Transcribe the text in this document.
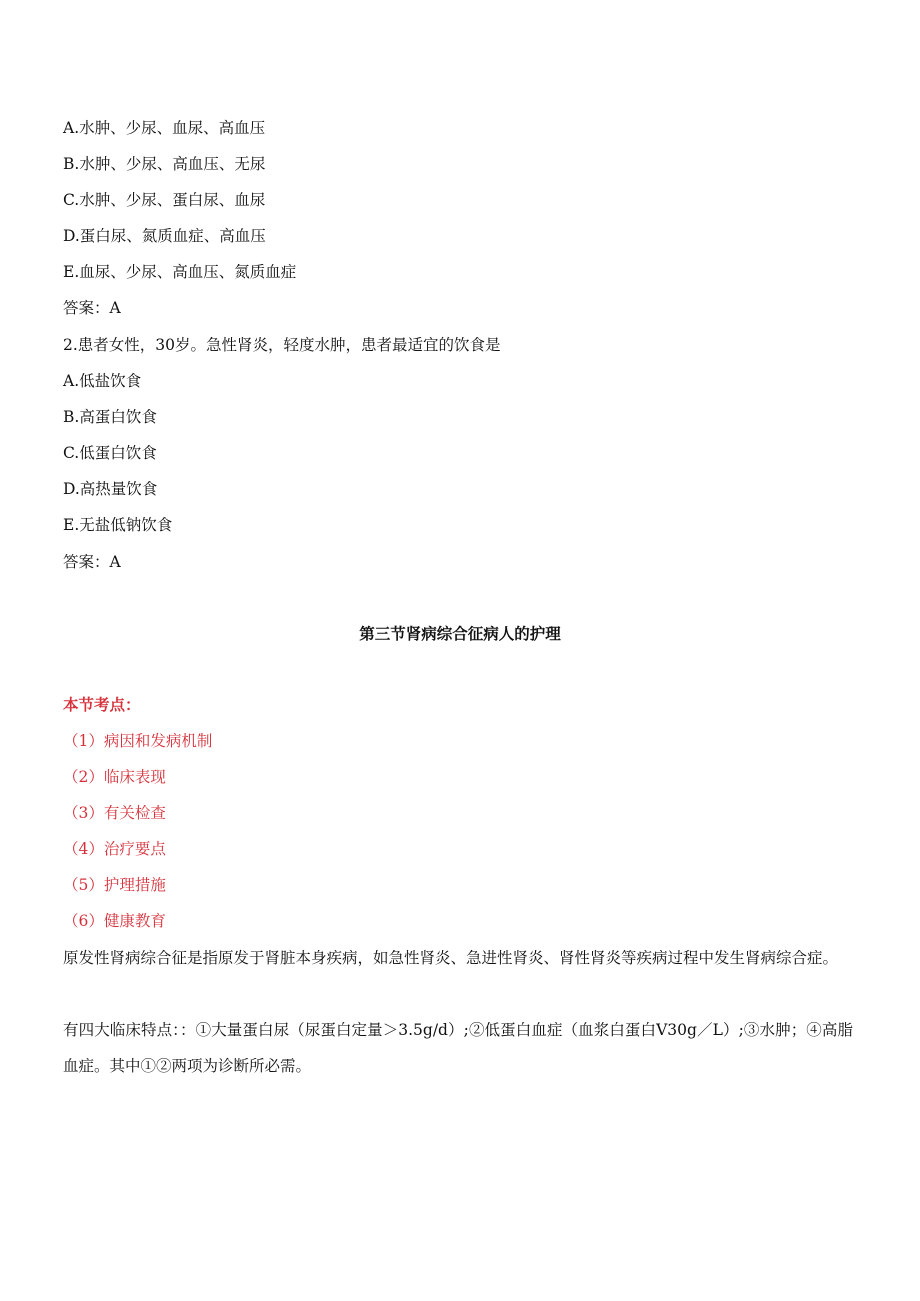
A.水肿、少尿、血尿、高血压
B.水肿、少尿、高血压、无尿
C.水肿、少尿、蛋白尿、血尿
D.蛋白尿、氮质血症、高血压
E.血尿、少尿、高血压、氮质血症
答案：A
2.患者女性，30岁。急性肾炎，轻度水肿，患者最适宜的饮食是
A.低盐饮食
B.高蛋白饮食
C.低蛋白饮食
D.高热量饮食
E.无盐低钠饮食
答案：A
第三节肾病综合征病人的护理
本节考点：
（1）病因和发病机制
（2）临床表现
（3）有关检查
（4）治疗要点
（5）护理措施
（6）健康教育
原发性肾病综合征是指原发于肾脏本身疾病，如急性肾炎、急进性肾炎、肾性肾炎等疾病过程中发生肾病综合症。
有四大临床特点：：①大量蛋白尿（尿蛋白定量＞3.5g/d）;②低蛋白血症（血浆白蛋白V30g／L）;③水肿；④高脂血症。其中①②两项为诊断所必需。
